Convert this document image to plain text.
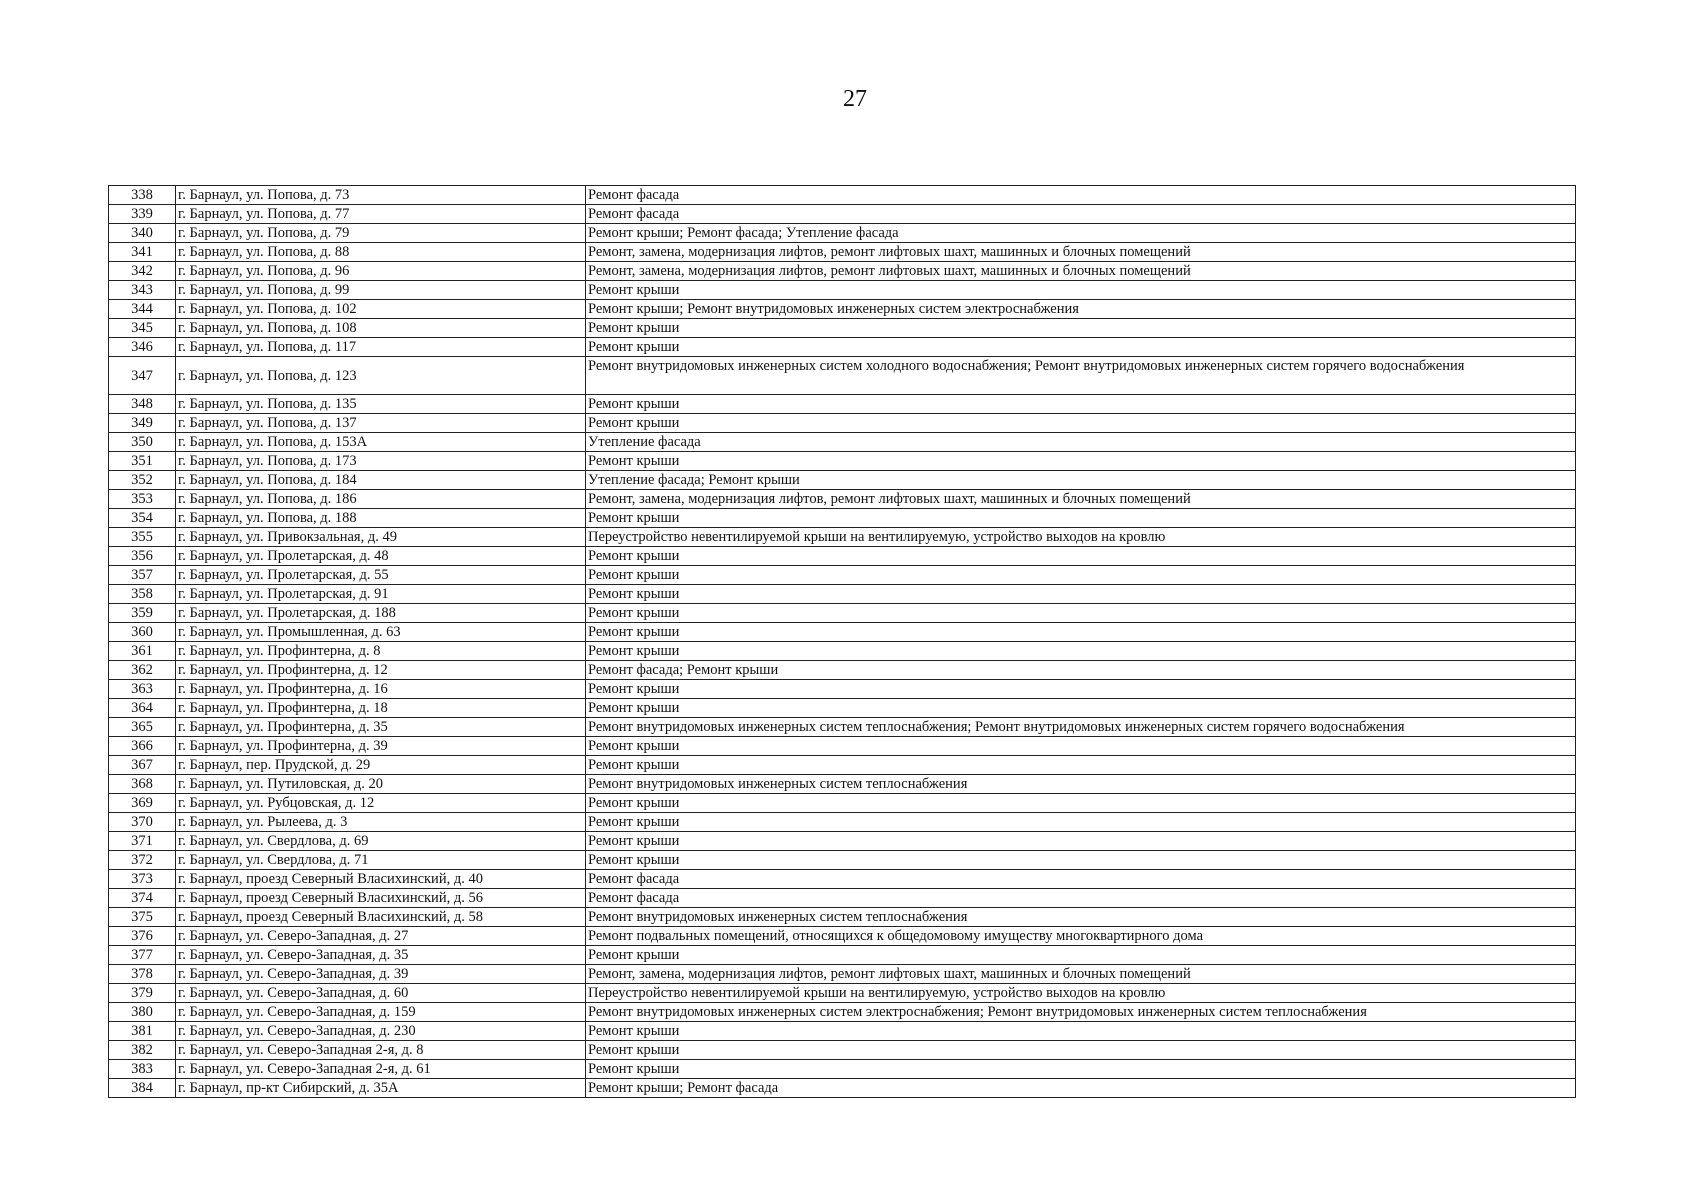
27
338	г. Барнаул, ул. Попова, д. 73	Ремонт фасада
339	г. Барнаул, ул. Попова, д. 77	Ремонт фасада
340	г. Барнаул, ул. Попова, д. 79	Ремонт крыши; Ремонт фасада; Утепление фасада
341	г. Барнаул, ул. Попова, д. 88	Ремонт, замена, модернизация лифтов, ремонт лифтовых шахт, машинных и блочных помещений
342	г. Барнаул, ул. Попова, д. 96	Ремонт, замена, модернизация лифтов, ремонт лифтовых шахт, машинных и блочных помещений
343	г. Барнаул, ул. Попова, д. 99	Ремонт крыши
344	г. Барнаул, ул. Попова, д. 102	Ремонт крыши; Ремонт внутридомовых инженерных систем электроснабжения
345	г. Барнаул, ул. Попова, д. 108	Ремонт крыши
346	г. Барнаул, ул. Попова, д. 117	Ремонт крыши
347	г. Барнаул, ул. Попова, д. 123	Ремонт внутридомовых инженерных систем холодного водоснабжения; Ремонт внутридомовых инженерных систем горячего водоснабжения
348	г. Барнаул, ул. Попова, д. 135	Ремонт крыши
349	г. Барнаул, ул. Попова, д. 137	Ремонт крыши
350	г. Барнаул, ул. Попова, д. 153А	Утепление фасада
351	г. Барнаул, ул. Попова, д. 173	Ремонт крыши
352	г. Барнаул, ул. Попова, д. 184	Утепление фасада; Ремонт крыши
353	г. Барнаул, ул. Попова, д. 186	Ремонт, замена, модернизация лифтов, ремонт лифтовых шахт, машинных и блочных помещений
354	г. Барнаул, ул. Попова, д. 188	Ремонт крыши
355	г. Барнаул, ул. Привокзальная, д. 49	Переустройство невентилируемой крыши на вентилируемую, устройство выходов на кровлю
356	г. Барнаул, ул. Пролетарская, д. 48	Ремонт крыши
357	г. Барнаул, ул. Пролетарская, д. 55	Ремонт крыши
358	г. Барнаул, ул. Пролетарская, д. 91	Ремонт крыши
359	г. Барнаул, ул. Пролетарская, д. 188	Ремонт крыши
360	г. Барнаул, ул. Промышленная, д. 63	Ремонт крыши
361	г. Барнаул, ул. Профинтерна, д. 8	Ремонт крыши
362	г. Барнаул, ул. Профинтерна, д. 12	Ремонт фасада; Ремонт крыши
363	г. Барнаул, ул. Профинтерна, д. 16	Ремонт крыши
364	г. Барнаул, ул. Профинтерна, д. 18	Ремонт крыши
365	г. Барнаул, ул. Профинтерна, д. 35	Ремонт внутридомовых инженерных систем теплоснабжения; Ремонт внутридомовых инженерных систем горячего водоснабжения
366	г. Барнаул, ул. Профинтерна, д. 39	Ремонт крыши
367	г. Барнаул, пер. Прудской, д. 29	Ремонт крыши
368	г. Барнаул, ул. Путиловская, д. 20	Ремонт внутридомовых инженерных систем теплоснабжения
369	г. Барнаул, ул. Рубцовская, д. 12	Ремонт крыши
370	г. Барнаул, ул. Рылеева, д. 3	Ремонт крыши
371	г. Барнаул, ул. Свердлова, д. 69	Ремонт крыши
372	г. Барнаул, ул. Свердлова, д. 71	Ремонт крыши
373	г. Барнаул, проезд Северный Власихинский, д. 40	Ремонт фасада
374	г. Барнаул, проезд Северный Власихинский, д. 56	Ремонт фасада
375	г. Барнаул, проезд Северный Власихинский, д. 58	Ремонт внутридомовых инженерных систем теплоснабжения
376	г. Барнаул, ул. Северо-Западная, д. 27	Ремонт подвальных помещений, относящихся к общедомовому имуществу многоквартирного дома
377	г. Барнаул, ул. Северо-Западная, д. 35	Ремонт крыши
378	г. Барнаул, ул. Северо-Западная, д. 39	Ремонт, замена, модернизация лифтов, ремонт лифтовых шахт, машинных и блочных помещений
379	г. Барнаул, ул. Северо-Западная, д. 60	Переустройство невентилируемой крыши на вентилируемую, устройство выходов на кровлю
380	г. Барнаул, ул. Северо-Западная, д. 159	Ремонт внутридомовых инженерных систем электроснабжения; Ремонт внутридомовых инженерных систем теплоснабжения
381	г. Барнаул, ул. Северо-Западная, д. 230	Ремонт крыши
382	г. Барнаул, ул. Северо-Западная 2-я, д. 8	Ремонт крыши
383	г. Барнаул, ул. Северо-Западная 2-я, д. 61	Ремонт крыши
384	г. Барнаул, пр-кт Сибирский, д. 35А	Ремонт крыши; Ремонт фасада
